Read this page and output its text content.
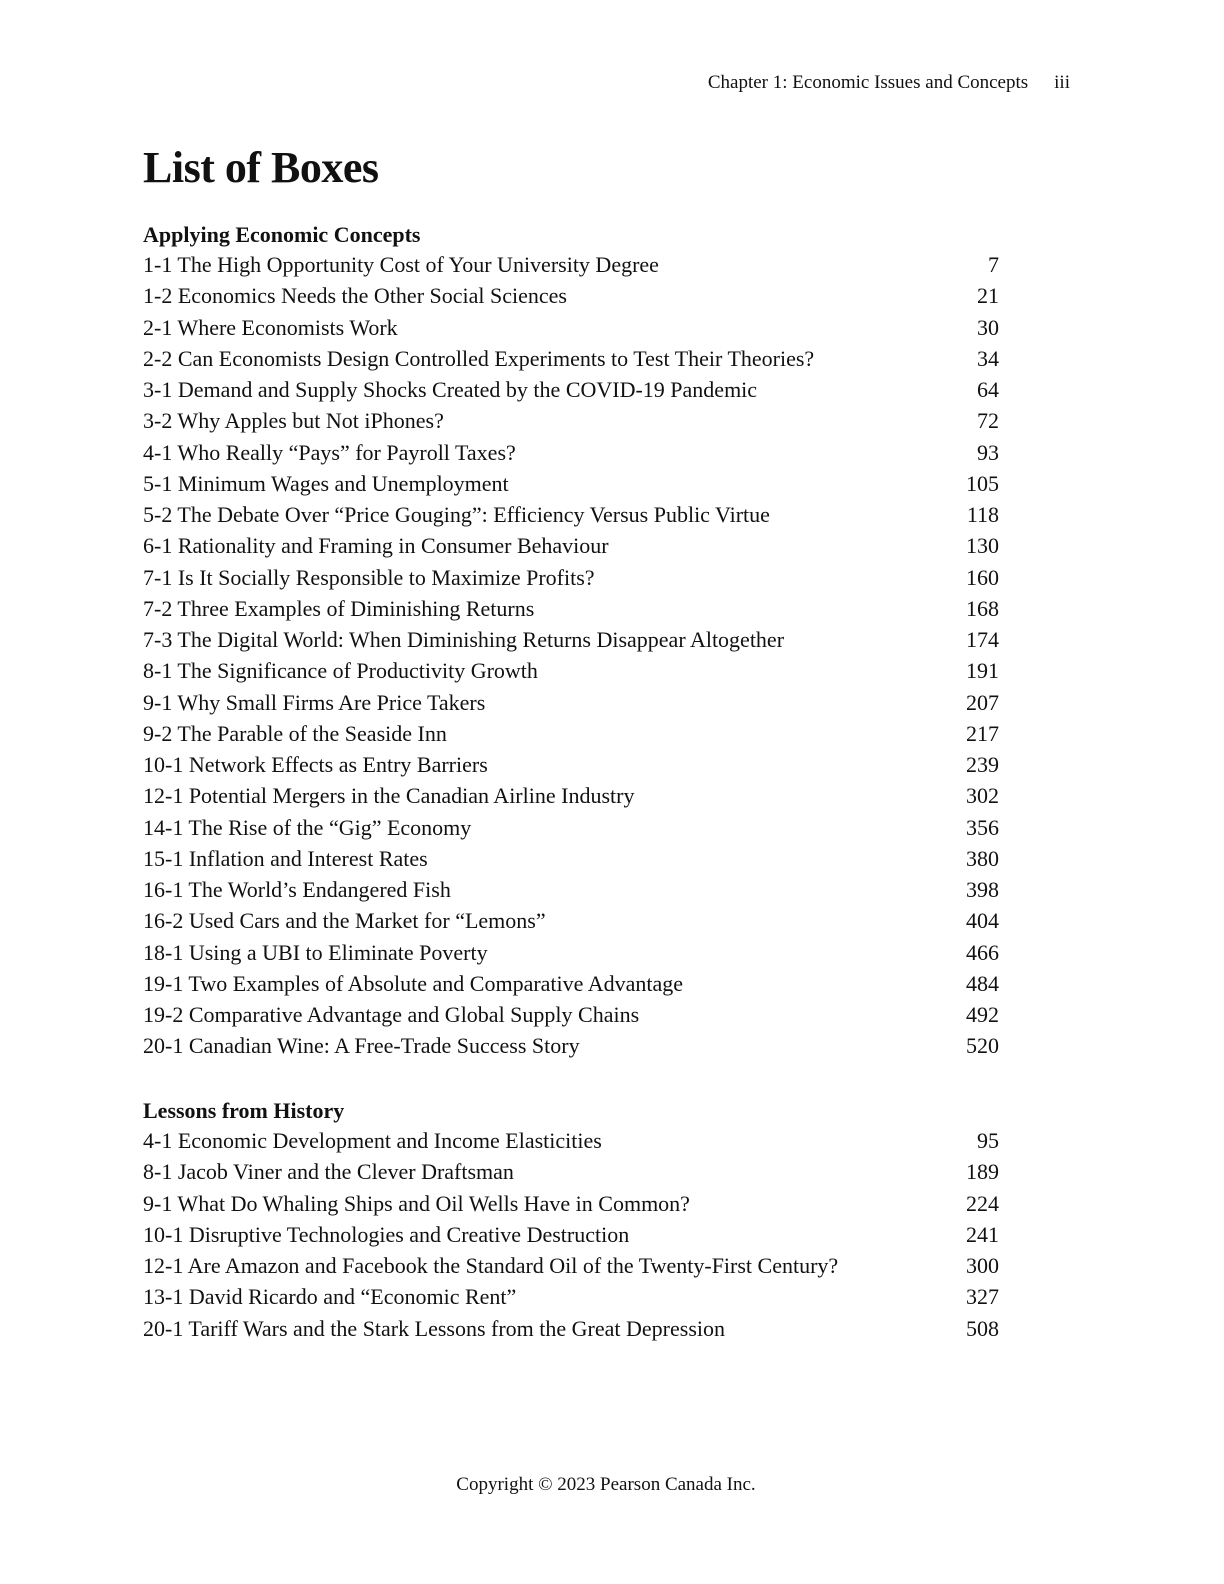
Chapter 1: Economic Issues and Concepts iii
List of Boxes
Applying Economic Concepts
1-1 The High Opportunity Cost of Your University Degree	7
1-2 Economics Needs the Other Social Sciences	21
2-1 Where Economists Work	30
2-2 Can Economists Design Controlled Experiments to Test Their Theories?	34
3-1 Demand and Supply Shocks Created by the COVID-19 Pandemic	64
3-2 Why Apples but Not iPhones?	72
4-1 Who Really “Pays” for Payroll Taxes?	93
5-1 Minimum Wages and Unemployment	105
5-2 The Debate Over “Price Gouging”: Efficiency Versus Public Virtue	118
6-1 Rationality and Framing in Consumer Behaviour	130
7-1 Is It Socially Responsible to Maximize Profits?	160
7-2 Three Examples of Diminishing Returns	168
7-3 The Digital World: When Diminishing Returns Disappear Altogether	174
8-1 The Significance of Productivity Growth	191
9-1 Why Small Firms Are Price Takers	207
9-2 The Parable of the Seaside Inn	217
10-1 Network Effects as Entry Barriers	239
12-1 Potential Mergers in the Canadian Airline Industry	302
14-1 The Rise of the “Gig” Economy	356
15-1 Inflation and Interest Rates	380
16-1 The World’s Endangered Fish	398
16-2 Used Cars and the Market for “Lemons”	404
18-1 Using a UBI to Eliminate Poverty	466
19-1 Two Examples of Absolute and Comparative Advantage	484
19-2 Comparative Advantage and Global Supply Chains	492
20-1 Canadian Wine: A Free-Trade Success Story	520
Lessons from History
4-1 Economic Development and Income Elasticities	95
8-1 Jacob Viner and the Clever Draftsman	189
9-1 What Do Whaling Ships and Oil Wells Have in Common?	224
10-1 Disruptive Technologies and Creative Destruction	241
12-1 Are Amazon and Facebook the Standard Oil of the Twenty-First Century?	300
13-1 David Ricardo and “Economic Rent”	327
20-1 Tariff Wars and the Stark Lessons from the Great Depression	508
Copyright © 2023 Pearson Canada Inc.
